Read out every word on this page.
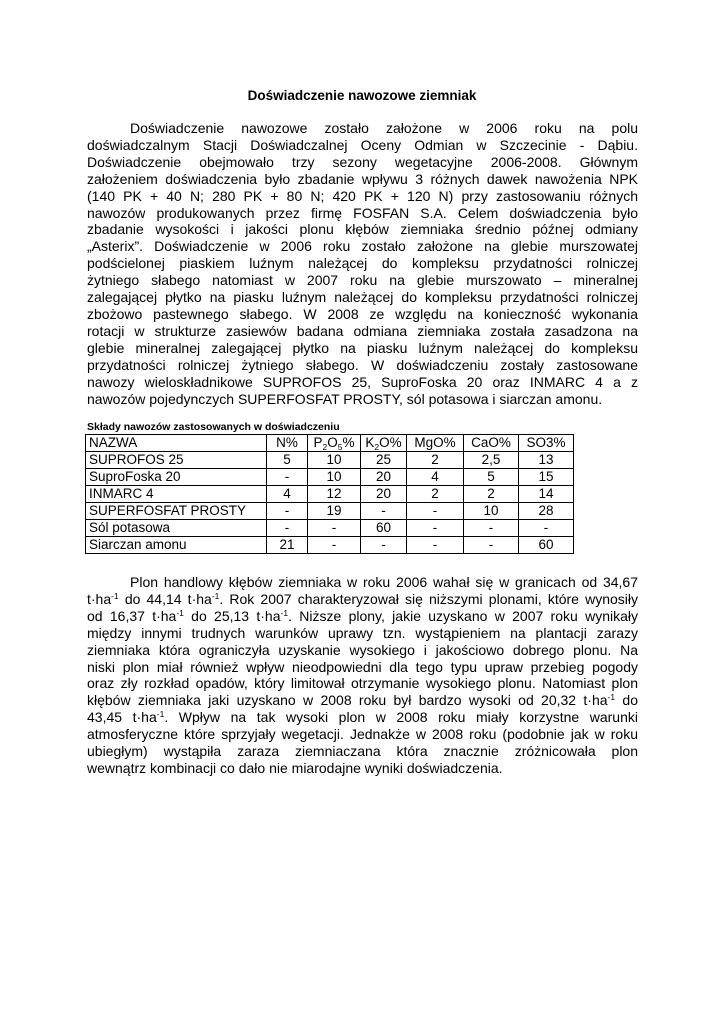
Doświadczenie nawozowe ziemniak
Doświadczenie nawozowe zostało założone w 2006 roku na polu
doświadczalnym Stacji Doświadczalnej Oceny Odmian w Szczecinie - Dąbiu.
Doświadczenie obejmowało trzy sezony wegetacyjne 2006-2008. Głównym
założeniem doświadczenia było zbadanie wpływu 3 różnych dawek nawożenia NPK
(140 PK + 40 N; 280 PK + 80 N; 420 PK + 120 N) przy zastosowaniu różnych
nawozów produkowanych przez firmę FOSFAN S.A. Celem doświadczenia było
zbadanie wysokości i jakości plonu kłębów ziemniaka średnio późnej odmiany
„Asterix”. Doświadczenie w 2006 roku zostało założone na glebie murszowatej
podścielonej piaskiem luźnym należącej do kompleksu przydatności rolniczej
żytniego słabego natomiast w 2007 roku na glebie murszowato – mineralnej
zalegającej płytko na piasku luźnym należącej do kompleksu przydatności rolniczej
zbożowo pastewnego słabego. W 2008 ze względu na konieczność wykonania
rotacji w strukturze zasiewów badana odmiana ziemniaka została zasadzona na
glebie mineralnej zalegającej płytko na piasku luźnym należącej do kompleksu
przydatności rolniczej żytniego słabego. W doświadczeniu zostały zastosowane
nawozy wieloskładnikowe SUPROFOS 25, SuproFoska 20 oraz INMARC 4 a z
nawozów pojedynczych SUPERFOSFAT PROSTY, sól potasowa i siarczan amonu.
Składy nawozów zastosowanych w doświadczeniu
NAZWA	N%	$P_2O_5\%$	$K_2O\%$	MgO%	CaO%	SO3%
SUPROFOS 25	5	10	25	2	2,5	13
SuproFoska 20	-	10	20	4	5	15
INMARC 4	4	12	20	2	2	14
SUPERFOSFAT PROSTY	-	19	-	-	10	28
Sól potasowa	-	-	60	-	-	-
Siarczan amonu	21	-	-	-	-	60
Plon handlowy kłębów ziemniaka w roku 2006 wahał się w granicach od 34,67
$t\cdot ha^{-1}$ do 44,14 $t\cdot ha^{-1}$. Rok 2007 charakteryzował się niższymi plonami, które wynosiły
od 16,37 $t\cdot ha^{-1}$ do 25,13 $t\cdot ha^{-1}$. Niższe plony, jakie uzyskano w 2007 roku wynikały
między innymi trudnych warunków uprawy tzn. wystąpieniem na plantacji zarazy
ziemniaka która ograniczyła uzyskanie wysokiego i jakościowo dobrego plonu. Na
niski plon miał również wpływ nieodpowiedni dla tego typu upraw przebieg pogody
oraz zły rozkład opadów, który limitował otrzymanie wysokiego plonu. Natomiast plon
kłębów ziemniaka jaki uzyskano w 2008 roku był bardzo wysoki od 20,32 $t\cdot ha^{-1}$ do
43,45 $t\cdot ha^{-1}$. Wpływ na tak wysoki plon w 2008 roku miały korzystne warunki
atmosferyczne które sprzyjały wegetacji. Jednakże w 2008 roku (podobnie jak w roku
ubiegłym) wystąpiła zaraza ziemniaczana która znacznie zróżnicowała plon
wewnątrz kombinacji co dało nie miarodajne wyniki doświadczenia.
